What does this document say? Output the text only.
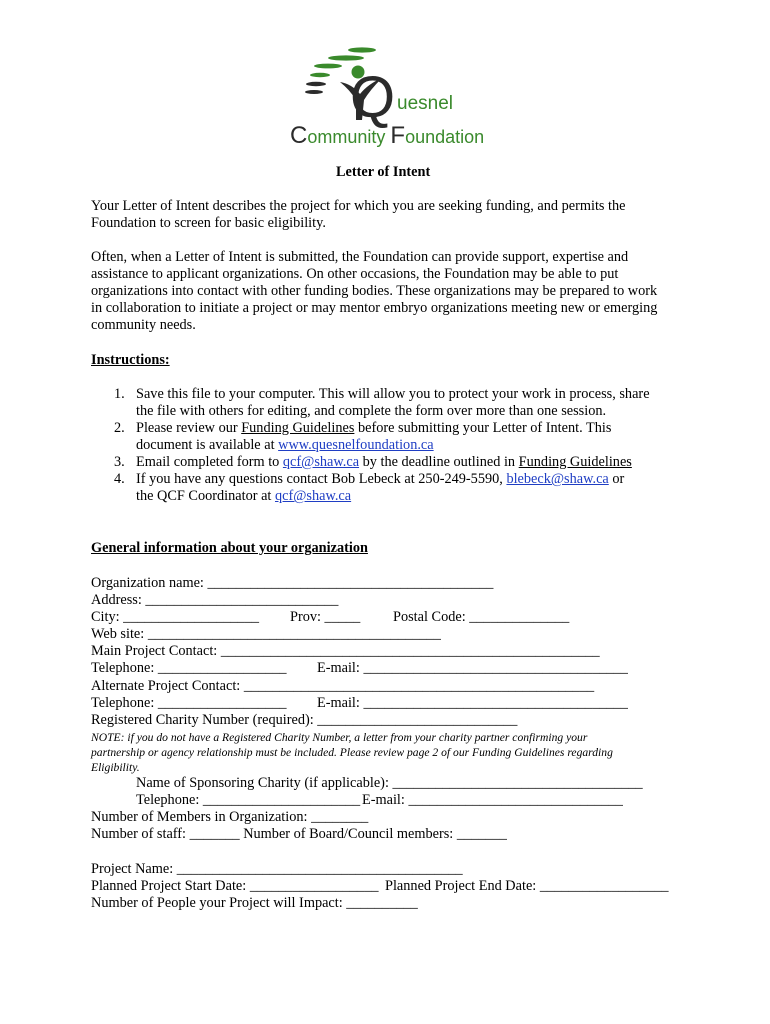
Q uesnel
Community Foundation
Letter of Intent
Your Letter of Intent describes the project for which you are seeking funding, and permits the
Foundation to screen for basic eligibility.
Often, when a Letter of Intent is submitted, the Foundation can provide support, expertise and
assistance to applicant organizations. On other occasions, the Foundation may be able to put
organizations into contact with other funding bodies. These organizations may be prepared to work
in collaboration to initiate a project or may mentor embryo organizations meeting new or emerging
community needs.
Instructions:
1. Save this file to your computer. This will allow you to protect your work in process, share
the file with others for editing, and complete the form over more than one session.
2. Please review our Funding Guidelines before submitting your Letter of Intent. This
document is available at www.quesnelfoundation.ca
3. Email completed form to qcf@shaw.ca by the deadline outlined in Funding Guidelines
4. If you have any questions contact Bob Lebeck at 250-249-5590, blebeck@shaw.ca or
the QCF Coordinator at qcf@shaw.ca
General information about your organization
Organization name: ________________________________________
Address: ___________________________
City: ___________________ Prov: _____ Postal Code: ______________
Web site: _________________________________________
Main Project Contact: _____________________________________________________
Telephone: __________________ E-mail: _____________________________________
Alternate Project Contact: _________________________________________________
Telephone: __________________ E-mail: _____________________________________
Registered Charity Number (required): ____________________________
NOTE: if you do not have a Registered Charity Number, a letter from your charity partner confirming your
partnership or agency relationship must be included. Please review page 2 of our Funding Guidelines regarding
Eligibility.
Name of Sponsoring Charity (if applicable): ___________________________________
Telephone: ______________________ E-mail: ______________________________
Number of Members in Organization: ________
Number of staff: _______ Number of Board/Council members: _______
Project Name: ________________________________________
Planned Project Start Date: __________________ Planned Project End Date: __________________
Number of People your Project will Impact: __________
